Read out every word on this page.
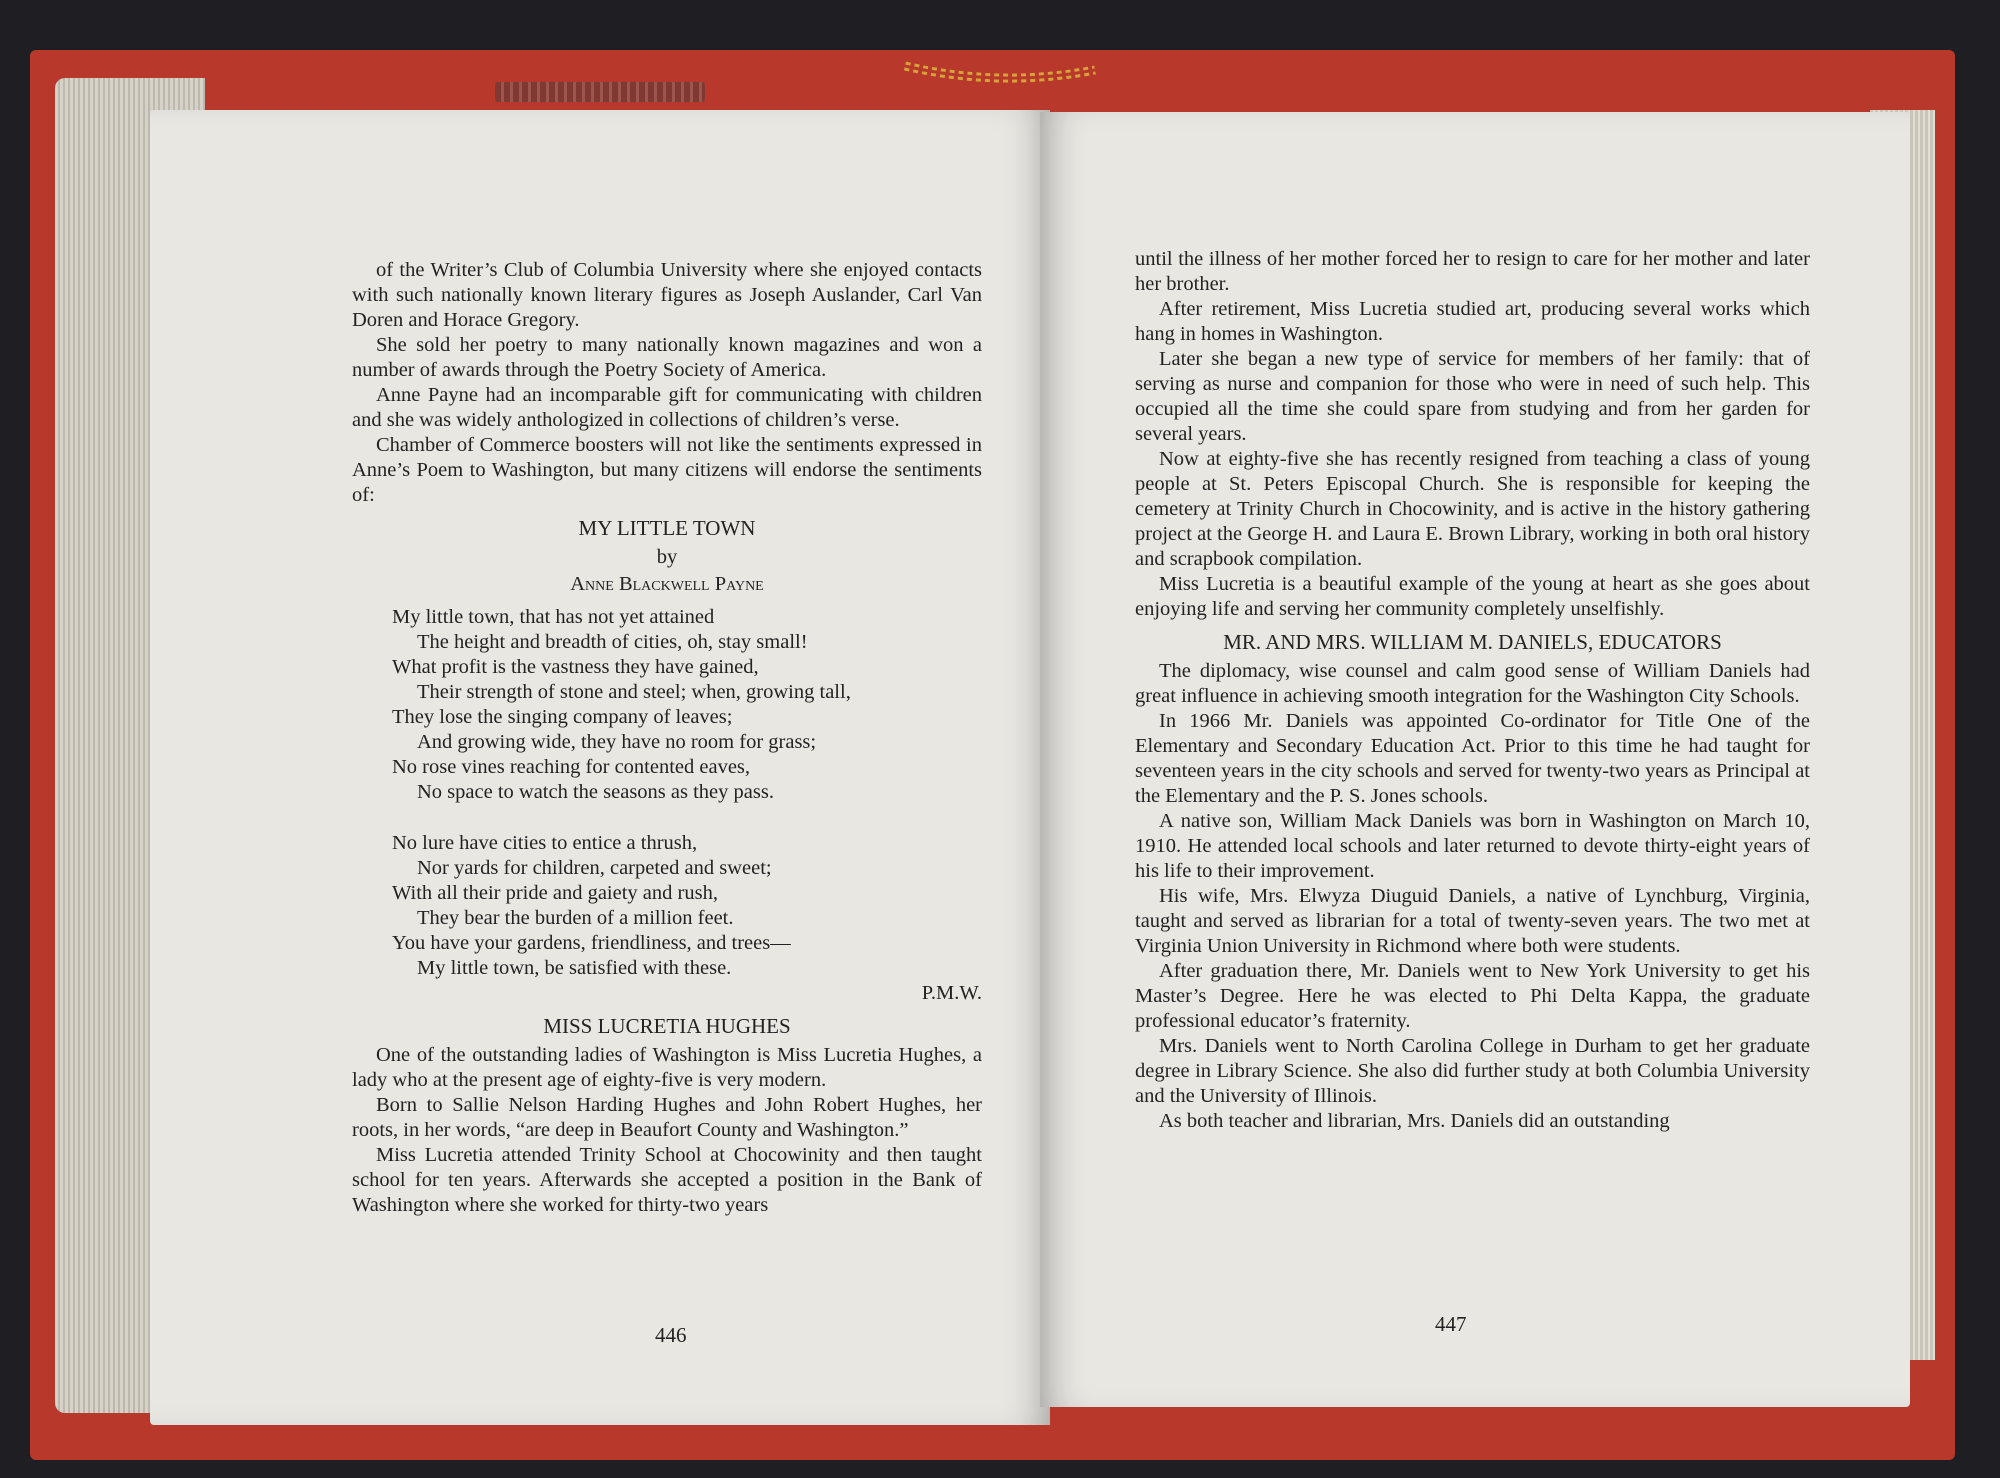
of the Writer’s Club of Columbia University where she enjoyed contacts with such nationally known literary figures as Joseph Auslander, Carl Van Doren and Horace Gregory.

She sold her poetry to many nationally known magazines and won a number of awards through the Poetry Society of America.

Anne Payne had an incomparable gift for communicating with children and she was widely anthologized in collections of children’s verse.

Chamber of Commerce boosters will not like the sentiments expressed in Anne’s Poem to Washington, but many citizens will endorse the sentiments of:

MY LITTLE TOWN
by
Anne Blackwell Payne
My little town, that has not yet attained
The height and breadth of cities, oh, stay small!
What profit is the vastness they have gained,
Their strength of stone and steel; when, growing tall,
They lose the singing company of leaves;
And growing wide, they have no room for grass;
No rose vines reaching for contented eaves,
No space to watch the seasons as they pass.
No lure have cities to entice a thrush,
Nor yards for children, carpeted and sweet;
With all their pride and gaiety and rush,
They bear the burden of a million feet.
You have your gardens, friendliness, and trees—
My little town, be satisfied with these.
P.M.W.
MISS LUCRETIA HUGHES

One of the outstanding ladies of Washington is Miss Lucretia Hughes, a lady who at the present age of eighty-five is very modern.

Born to Sallie Nelson Harding Hughes and John Robert Hughes, her roots, in her words, “are deep in Beaufort County and Washington.”

Miss Lucretia attended Trinity School at Chocowinity and then taught school for ten years. Afterwards she accepted a position in the Bank of Washington where she worked for thirty-two years

446

until the illness of her mother forced her to resign to care for her mother and later her brother.

After retirement, Miss Lucretia studied art, producing several works which hang in homes in Washington.

Later she began a new type of service for members of her family: that of serving as nurse and companion for those who were in need of such help. This occupied all the time she could spare from studying and from her garden for several years.

Now at eighty-five she has recently resigned from teaching a class of young people at St. Peters Episcopal Church. She is responsible for keeping the cemetery at Trinity Church in Chocowinity, and is active in the history gathering project at the George H. and Laura E. Brown Library, working in both oral history and scrapbook compilation.

Miss Lucretia is a beautiful example of the young at heart as she goes about enjoying life and serving her community completely unselfishly.

MR. AND MRS. WILLIAM M. DANIELS, EDUCATORS

The diplomacy, wise counsel and calm good sense of William Daniels had great influence in achieving smooth integration for the Washington City Schools.

In 1966 Mr. Daniels was appointed Co-ordinator for Title One of the Elementary and Secondary Education Act. Prior to this time he had taught for seventeen years in the city schools and served for twenty-two years as Principal at the Elementary and the P. S. Jones schools.

A native son, William Mack Daniels was born in Washington on March 10, 1910. He attended local schools and later returned to devote thirty-eight years of his life to their improvement.

His wife, Mrs. Elwyza Diuguid Daniels, a native of Lynchburg, Virginia, taught and served as librarian for a total of twenty-seven years. The two met at Virginia Union University in Richmond where both were students.

After graduation there, Mr. Daniels went to New York University to get his Master’s Degree. Here he was elected to Phi Delta Kappa, the graduate professional educator’s fraternity.

Mrs. Daniels went to North Carolina College in Durham to get her graduate degree in Library Science. She also did further study at both Columbia University and the University of Illinois.

As both teacher and librarian, Mrs. Daniels did an outstanding

447
